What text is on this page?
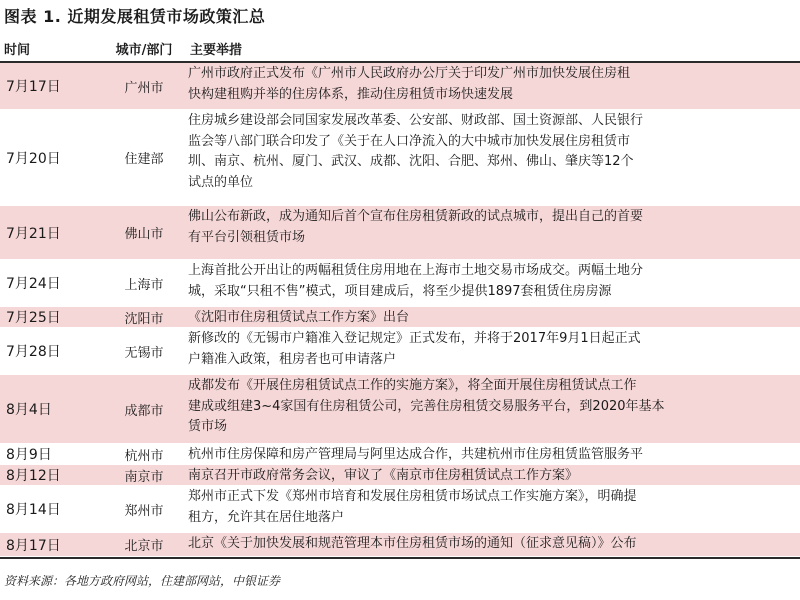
图表 1. 近期发展租赁市场政策汇总
时间	城市/部门	主要举措
7月17日	广州市
广州市政府正式发布《广州市人民政府办公厅关于印发广州市加快发展住房租
快构建租购并举的住房体系，推动住房租赁市场快速发展
7月20日	住建部
住房城乡建设部会同国家发展改革委、公安部、财政部、国土资源部、人民银行
监会等八部门联合印发了《关于在人口净流入的大中城市加快发展住房租赁市
圳、南京、杭州、厦门、武汉、成都、沈阳、合肥、郑州、佛山、肇庆等12个
试点的单位
7月21日	佛山市
佛山公布新政，成为通知后首个宣布住房租赁新政的试点城市，提出自己的首要
有平台引领租赁市场
7月24日	上海市
上海首批公开出让的两幅租赁住房用地在上海市土地交易市场成交。两幅土地分
城，采取“只租不售”模式，项目建成后，将至少提供1897套租赁住房房源
7月25日	沈阳市	《沈阳市住房租赁试点工作方案》出台
7月28日	无锡市
新修改的《无锡市户籍准入登记规定》正式发布，并将于2017年9月1日起正式
户籍准入政策，租房者也可申请落户
8月4日	成都市
成都发布《开展住房租赁试点工作的实施方案》，将全面开展住房租赁试点工作
建成或组建3~4家国有住房租赁公司，完善住房租赁交易服务平台，到2020年基本
赁市场
8月9日	杭州市	杭州市住房保障和房产管理局与阿里达成合作，共建杭州市住房租赁监管服务平
8月12日	南京市	南京召开市政府常务会议，审议了《南京市住房租赁试点工作方案》
8月14日	郑州市
郑州市正式下发《郑州市培育和发展住房租赁市场试点工作实施方案》，明确提
租方，允许其在居住地落户
8月17日	北京市	北京《关于加快发展和规范管理本市住房租赁市场的通知（征求意见稿）》公布
资料来源：各地方政府网站，住建部网站，中银证券
